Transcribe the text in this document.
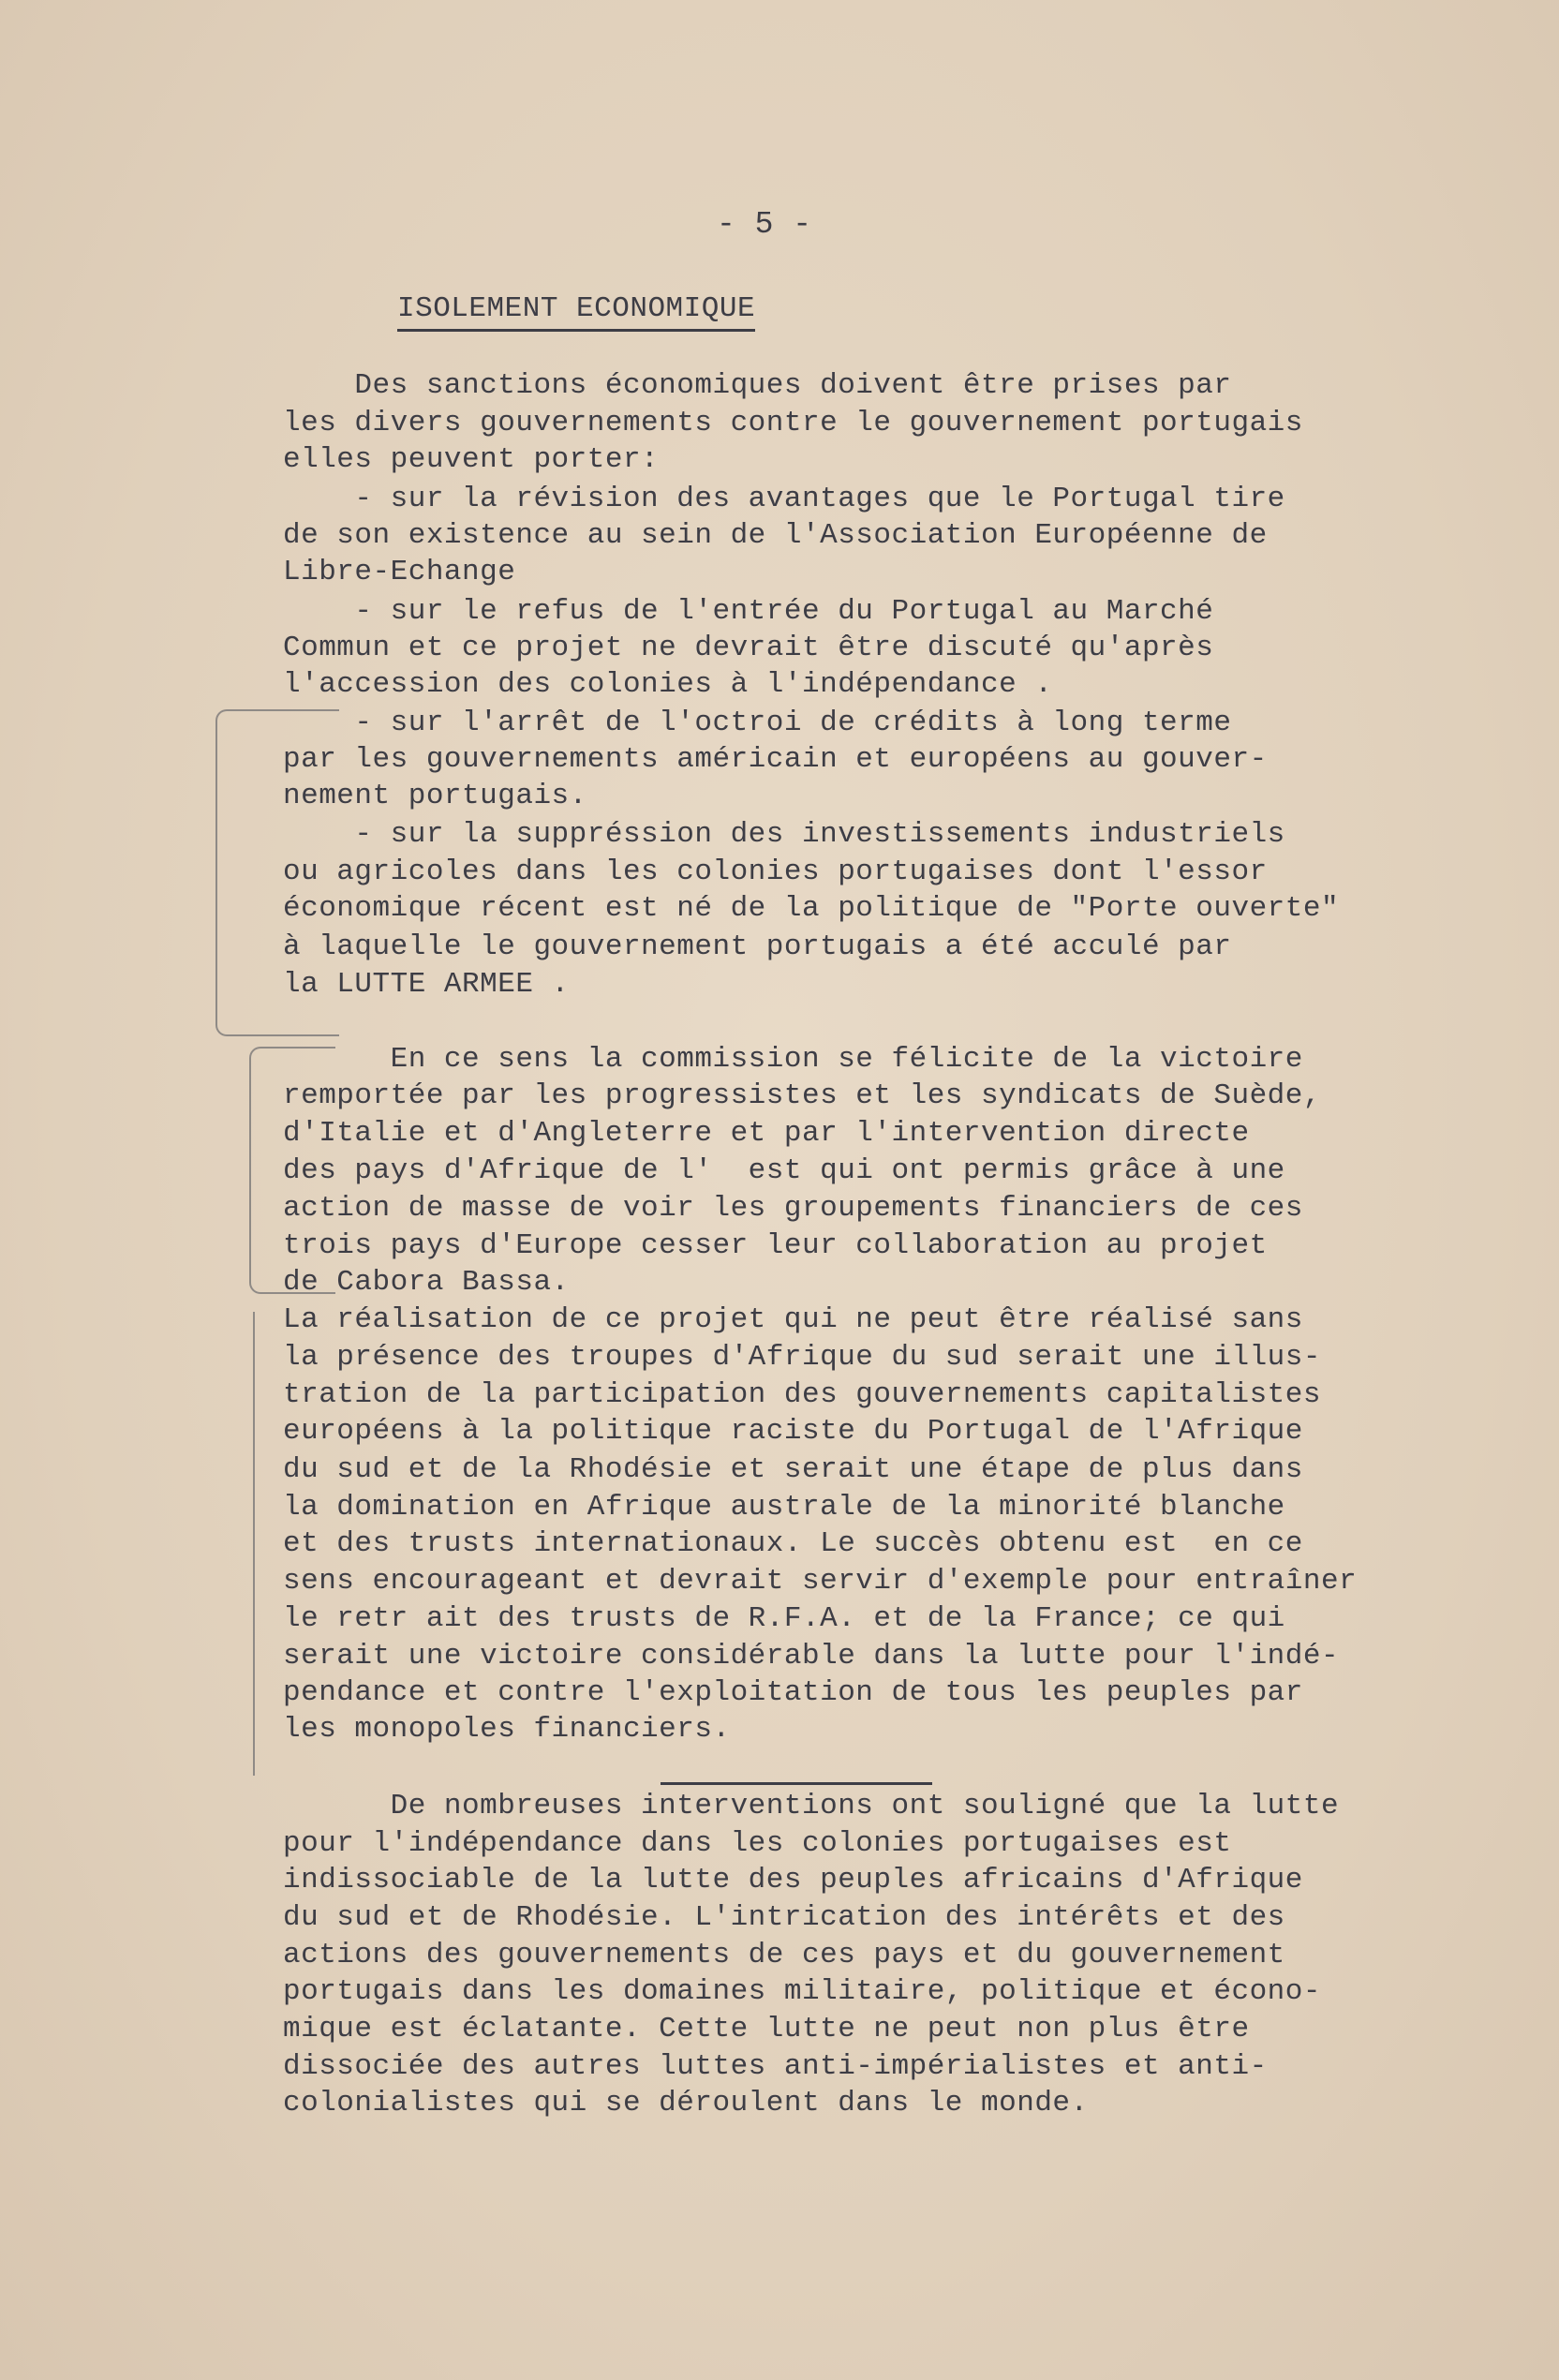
- 5 -
ISOLEMENT ECONOMIQUE
Des sanctions économiques doivent être prises par
les divers gouvernements contre le gouvernement portugais
elles peuvent porter:
- sur la révision des avantages que le Portugal tire
de son existence au sein de l'Association Européenne de
Libre-Echange
- sur le refus de l'entrée du Portugal au Marché
Commun et ce projet ne devrait être discuté qu'après
l'accession des colonies à l'indépendance .
- sur l'arrêt de l'octroi de crédits à long terme
par les gouvernements américain et européens au gouver-
nement portugais.
- sur la suppréssion des investissements industriels
ou agricoles dans les colonies portugaises dont l'essor
économique récent est né de la politique de "Porte ouverte"
à laquelle le gouvernement portugais a été acculé par
la LUTTE ARMEE .
En ce sens la commission se félicite de la victoire
remportée par les progressistes et les syndicats de Suède,
d'Italie et d'Angleterre et par l'intervention directe
des pays d'Afrique de l'  est qui ont permis grâce à une
action de masse de voir les groupements financiers de ces
trois pays d'Europe cesser leur collaboration au projet
de Cabora Bassa.
La réalisation de ce projet qui ne peut être réalisé sans
la présence des troupes d'Afrique du sud serait une illus-
tration de la participation des gouvernements capitalistes
européens à la politique raciste du Portugal de l'Afrique
du sud et de la Rhodésie et serait une étape de plus dans
la domination en Afrique australe de la minorité blanche
et des trusts internationaux. Le succès obtenu est  en ce
sens encourageant et devrait servir d'exemple pour entraîner
le retr ait des trusts de R.F.A. et de la France; ce qui
serait une victoire considérable dans la lutte pour l'indé-
pendance et contre l'exploitation de tous les peuples par
les monopoles financiers.
De nombreuses interventions ont souligné que la lutte
pour l'indépendance dans les colonies portugaises est
indissociable de la lutte des peuples africains d'Afrique
du sud et de Rhodésie. L'intrication des intérêts et des
actions des gouvernements de ces pays et du gouvernement
portugais dans les domaines militaire, politique et écono-
mique est éclatante. Cette lutte ne peut non plus être
dissociée des autres luttes anti-impérialistes et anti-
colonialistes qui se déroulent dans le monde.
